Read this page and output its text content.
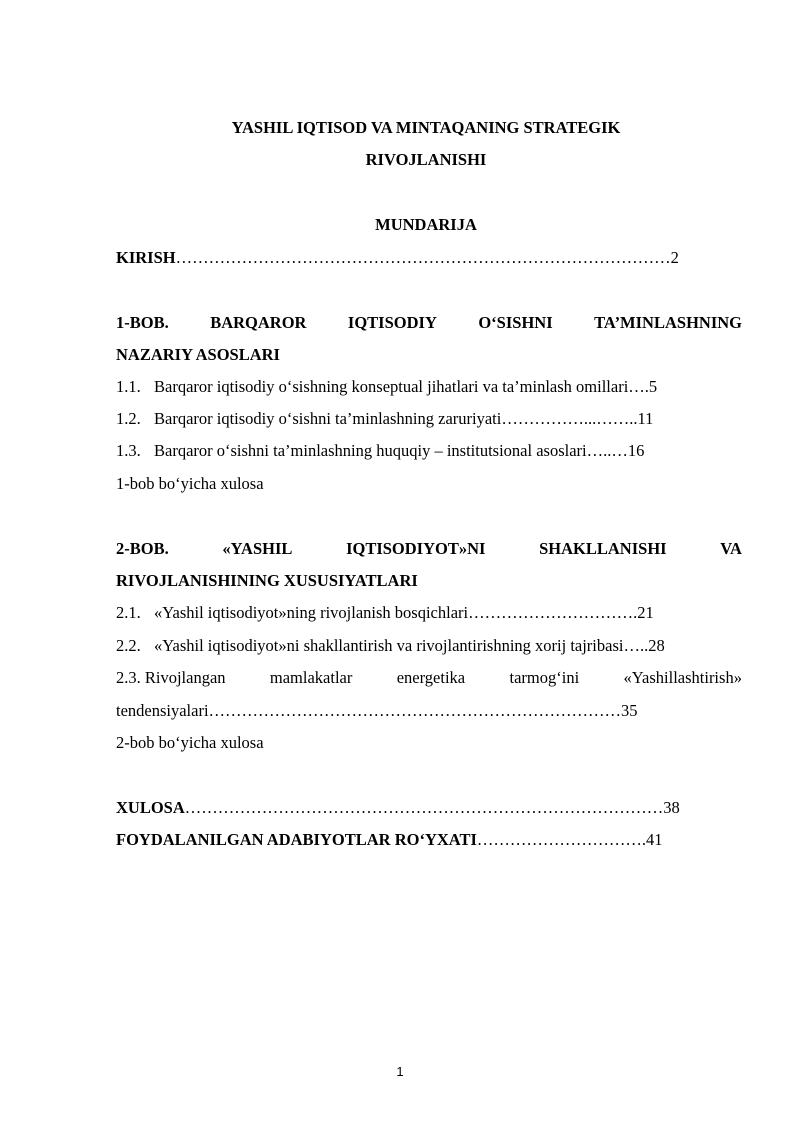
YASHIL IQTISOD VA MINTAQANING STRATEGIK
RIVOJLANISHI
MUNDARIJA
KIRISH………………………………………………………………………………2
1-BOB.	BARQAROR	IQTISODIY	O‘SISHNI	TA’MINLASHNING
NAZARIY ASOSLARI
1.1. Barqaror iqtisodiy o‘sishning konseptual jihatlari va ta’minlash omillari….5
1.2. Barqaror iqtisodiy o‘sishni ta’minlashning zaruriyati……………...……..11
1.3. Barqaror o‘sishni ta’minlashning huquqiy – institutsional asoslari…..…16
1-bob bo‘yicha xulosa
2-BOB.	«YASHIL	IQTISODIYOT»NI	SHAKLLANISHI	VA
RIVOJLANISHINING XUSUSIYATLARI
2.1. «Yashil iqtisodiyot»ning rivojlanish bosqichlari………………………….21
2.2. «Yashil iqtisodiyot»ni shakllantirish va rivojlantirishning xorij tajribasi…..28
2.3. Rivojlangan	mamlakatlar	energetika	tarmog‘ini	«Yashillashtirish»
tendensiyalari…………………………………………………………………35
2-bob bo‘yicha xulosa
XULOSA……………………………………………………………………………38
FOYDALANILGAN ADABIYOTLAR RO‘YXATI………………………….41
1
